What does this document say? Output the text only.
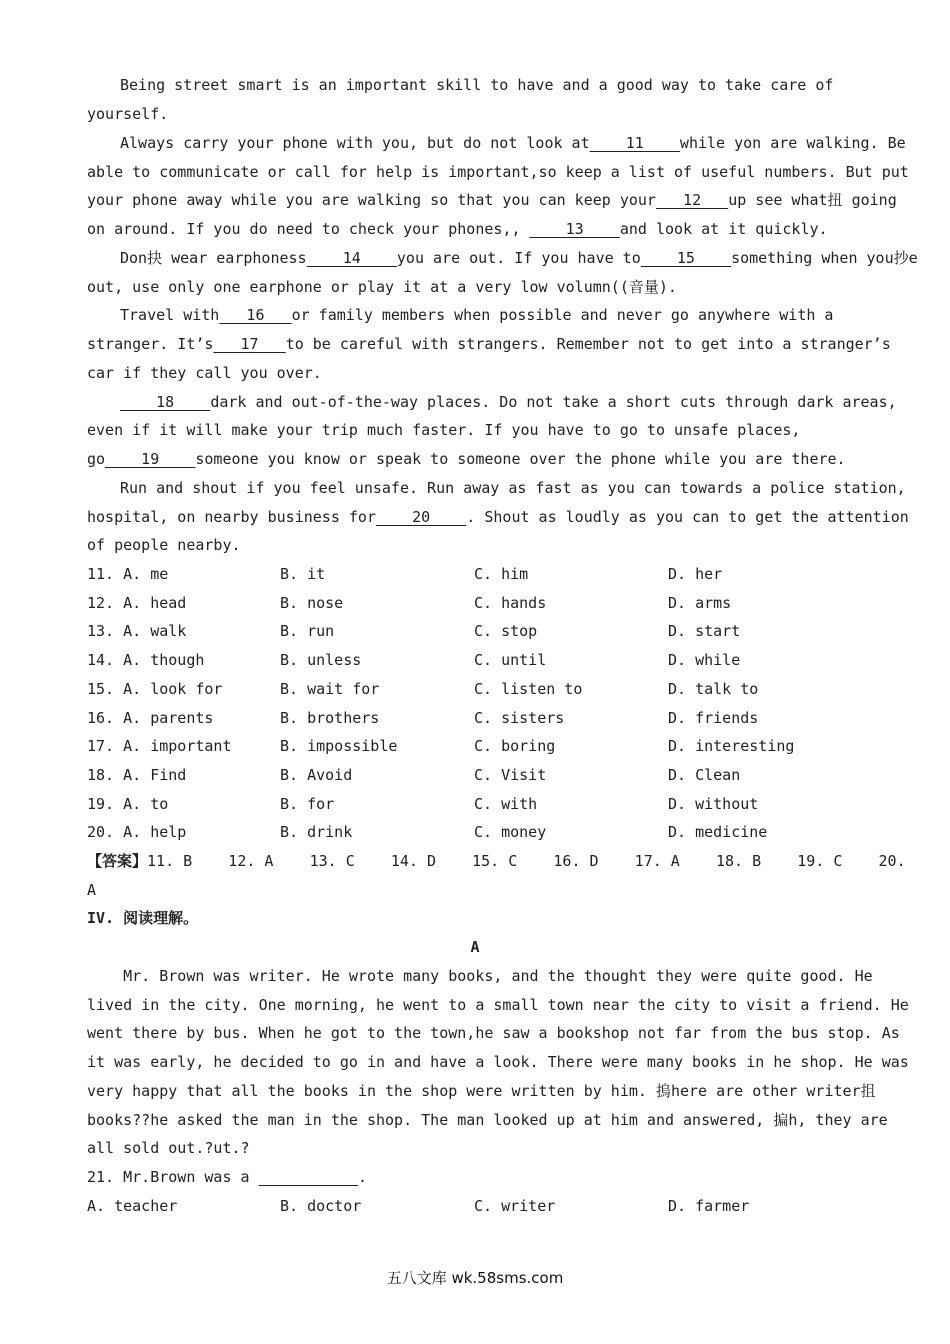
Being street smart is an important skill to have and a good way to take care of
yourself.
Always carry your phone with you, but do not look at    11    while yon are walking. Be
able to communicate or call for help is important,so keep a list of useful numbers. But put
your phone away while you are walking so that you can keep your   12   up see what扭 going
on around. If you do need to check your phones,,     13    and look at it quickly.
Don抉 wear earphoness    14    you are out. If you have to    15    something when you抄e
out, use only one earphone or play it at a very low volumn((音量).
Travel with   16   or family members when possible and never go anywhere with a
stranger. It’s   17   to be careful with strangers. Remember not to get into a stranger’s
car if they call you over.
18    dark and out-of-the-way places. Do not take a short cuts through dark areas,
even if it will make your trip much faster. If you have to go to unsafe places,
go    19    someone you know or speak to someone over the phone while you are there.
Run and shout if you feel unsafe. Run away as fast as you can towards a police station,
hospital, on nearby business for    20    . Shout as loudly as you can to get the attention
of people nearby.
11. A. me	B. it	C. him	D. her
12. A. head	B. nose	C. hands	D. arms
13. A. walk	B. run	C. stop	D. start
14. A. though	B. unless	C. until	D. while
15. A. look for	B. wait for	C. listen to	D. talk to
16. A. parents	B. brothers	C. sisters	D. friends
17. A. important	B. impossible	C. boring	D. interesting
18. A. Find	B. Avoid	C. Visit	D. Clean
19. A. to	B. for	C. with	D. without
20. A. help	B. drink	C. money	D. medicine
【答案】11. B    12. A    13. C    14. D    15. C    16. D    17. A    18. B    19. C    20.
A
IV. 阅读理解。
A
Mr. Brown was writer. He wrote many books, and the thought they were quite good. He
lived in the city. One morning, he went to a small town near the city to visit a friend. He
went there by bus. When he got to the town,he saw a bookshop not far from the bus stop. As
it was early, he decided to go in and have a look. There were many books in he shop. He was
very happy that all the books in the shop were written by him. 摀here are other writer抯
books??he asked the man in the shop. The man looked up at him and answered, 揙h, they are
all sold out.?ut.?
21. Mr.Brown was a	.
A. teacher	B. doctor	C. writer	D. farmer
五八文库 wk.58sms.com
